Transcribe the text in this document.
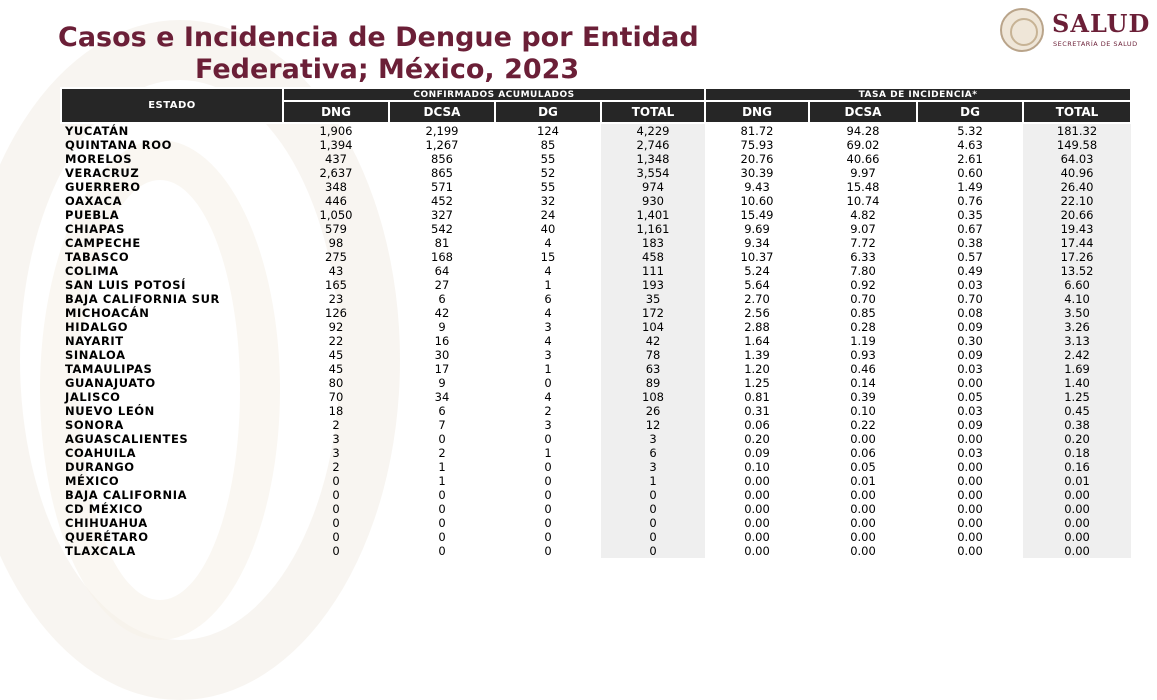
Casos e Incidencia de Dengue por Entidad
Federativa; México, 2023
SALUD
SECRETARÍA DE SALUD
ESTADO	CONFIRMADOS ACUMULADOS				TASA DE INCIDENCIA*			
	DNG	DCSA	DG	TOTAL	DNG	DCSA	DG	TOTAL
YUCATÁN	1,906	2,199	124	4,229	81.72	94.28	5.32	181.32
QUINTANA ROO	1,394	1,267	85	2,746	75.93	69.02	4.63	149.58
MORELOS	437	856	55	1,348	20.76	40.66	2.61	64.03
VERACRUZ	2,637	865	52	3,554	30.39	9.97	0.60	40.96
GUERRERO	348	571	55	974	9.43	15.48	1.49	26.40
OAXACA	446	452	32	930	10.60	10.74	0.76	22.10
PUEBLA	1,050	327	24	1,401	15.49	4.82	0.35	20.66
CHIAPAS	579	542	40	1,161	9.69	9.07	0.67	19.43
CAMPECHE	98	81	4	183	9.34	7.72	0.38	17.44
TABASCO	275	168	15	458	10.37	6.33	0.57	17.26
COLIMA	43	64	4	111	5.24	7.80	0.49	13.52
SAN LUIS POTOSÍ	165	27	1	193	5.64	0.92	0.03	6.60
BAJA CALIFORNIA SUR	23	6	6	35	2.70	0.70	0.70	4.10
MICHOACÁN	126	42	4	172	2.56	0.85	0.08	3.50
HIDALGO	92	9	3	104	2.88	0.28	0.09	3.26
NAYARIT	22	16	4	42	1.64	1.19	0.30	3.13
SINALOA	45	30	3	78	1.39	0.93	0.09	2.42
TAMAULIPAS	45	17	1	63	1.20	0.46	0.03	1.69
GUANAJUATO	80	9	0	89	1.25	0.14	0.00	1.40
JALISCO	70	34	4	108	0.81	0.39	0.05	1.25
NUEVO LEÓN	18	6	2	26	0.31	0.10	0.03	0.45
SONORA	2	7	3	12	0.06	0.22	0.09	0.38
AGUASCALIENTES	3	0	0	3	0.20	0.00	0.00	0.20
COAHUILA	3	2	1	6	0.09	0.06	0.03	0.18
DURANGO	2	1	0	3	0.10	0.05	0.00	0.16
MÉXICO	0	1	0	1	0.00	0.01	0.00	0.01
BAJA CALIFORNIA	0	0	0	0	0.00	0.00	0.00	0.00
CD MÉXICO	0	0	0	0	0.00	0.00	0.00	0.00
CHIHUAHUA	0	0	0	0	0.00	0.00	0.00	0.00
QUERÉTARO	0	0	0	0	0.00	0.00	0.00	0.00
TLAXCALA	0	0	0	0	0.00	0.00	0.00	0.00
